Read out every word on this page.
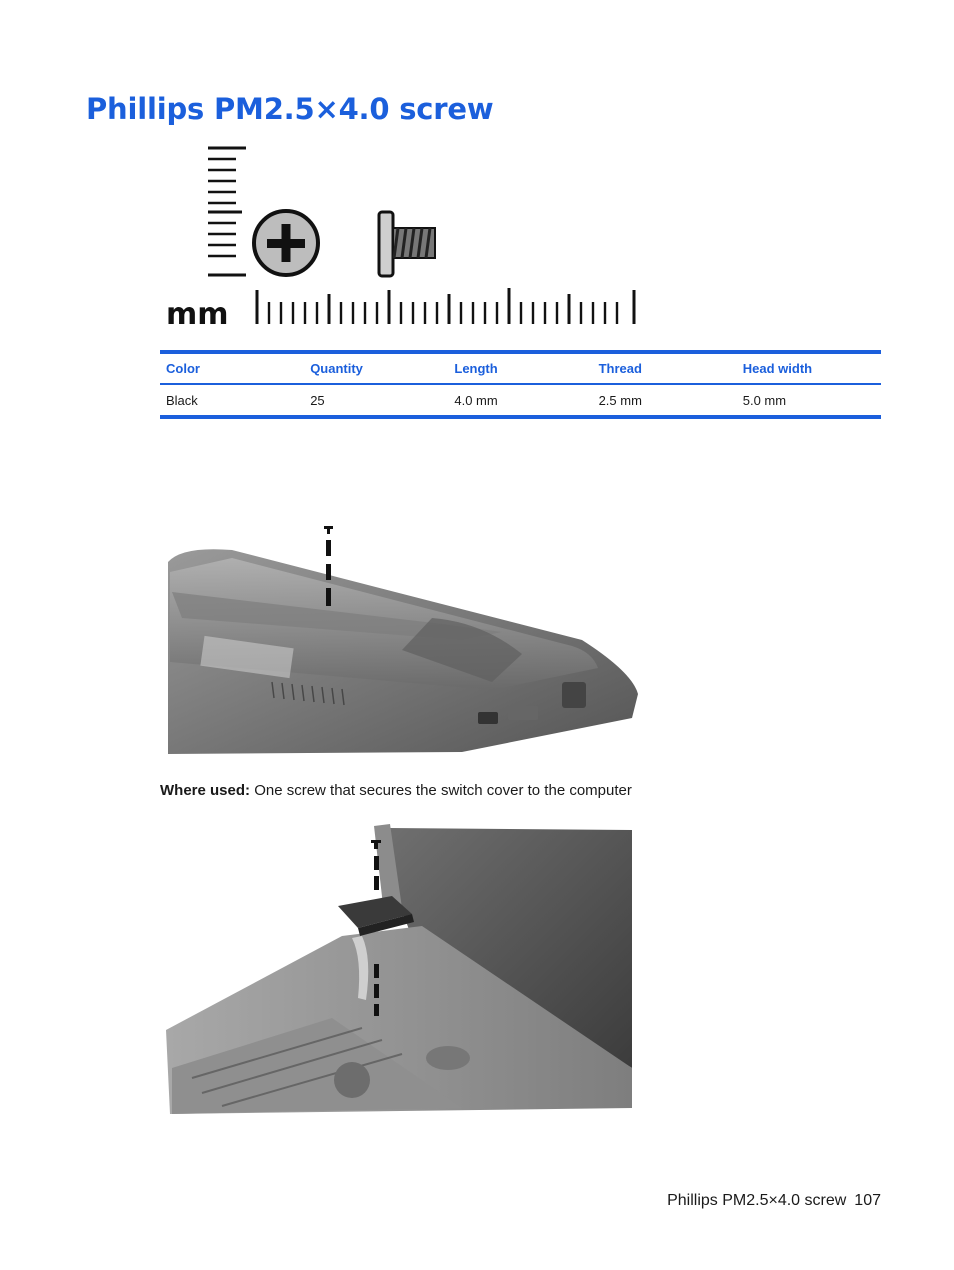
Phillips PM2.5×4.0 screw
mm
Color	Quantity	Length	Thread	Head width
Black	25	4.0 mm	2.5 mm	5.0 mm

Where used: One screw that secures the switch cover to the computer

Phillips PM2.5×4.0 screw 107
